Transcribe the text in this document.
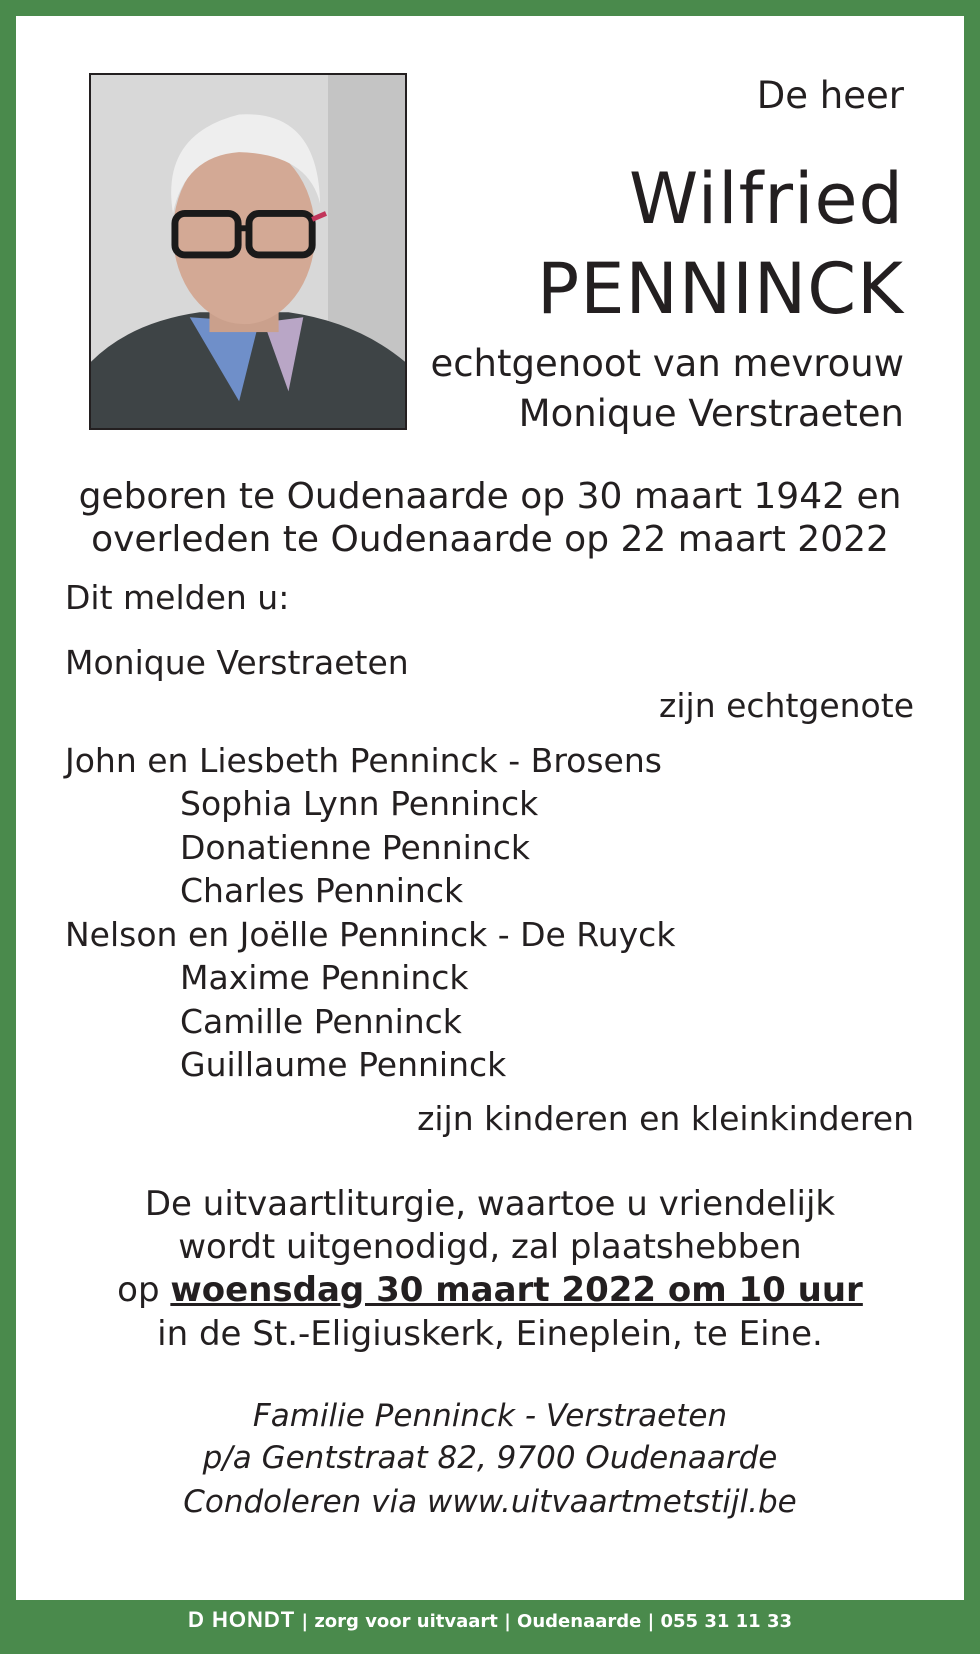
De heer
Wilfried
PENNINCK
echtgenoot van mevrouw
Monique Verstraeten
geboren te Oudenaarde op 30 maart 1942 en
overleden te Oudenaarde op 22 maart 2022
Dit melden u:
Monique Verstraeten
zijn echtgenote
John en Liesbeth Penninck - Brosens
Sophia Lynn Penninck
Donatienne Penninck
Charles Penninck
Nelson en Joëlle Penninck - De Ruyck
Maxime Penninck
Camille Penninck
Guillaume Penninck
zijn kinderen en kleinkinderen
De uitvaartliturgie, waartoe u vriendelijk
wordt uitgenodigd, zal plaatshebben
op woensdag 30 maart 2022 om 10 uur
in de St.-Eligiuskerk, Eineplein, te Eine.
Familie Penninck - Verstraeten
p/a Gentstraat 82, 9700 Oudenaarde
Condoleren via www.uitvaartmetstijl.be
D HONDT | zorg voor uitvaart | Oudenaarde | 055 31 11 33
